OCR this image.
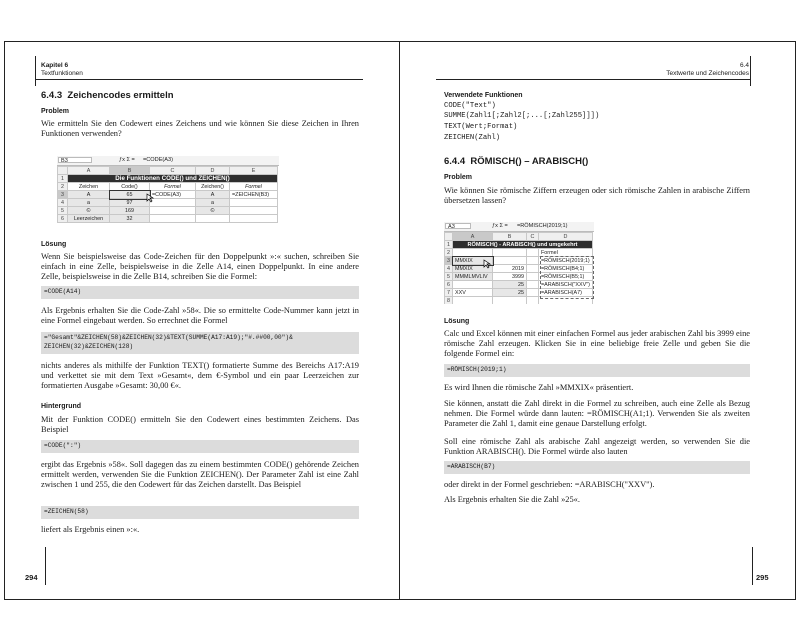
Kapitel 6
Textfunktionen
6.4.3 Zeichencodes ermitteln
Problem
Wie ermitteln Sie den Codewert eines Zeichens und wie können Sie diese Zeichen in Ihren Funktionen verwenden?
B3	ƒx Σ = =CODE(A3)
	A	B	C	D	E
1	Die Funktionen CODE() und ZEICHEN()				
2	Zeichen	Code()	Formel	Zeichen()	Formel
3	A	65	=CODE(A3)	A	=ZEICHEN(B3)
4	a	97		a	
5	©	169		©	
6	Leerzeichen	32			
Lösung
Wenn Sie beispielsweise das Code-Zeichen für den Doppelpunkt »:« suchen, schreiben Sie einfach in eine Zelle, beispielsweise in die Zelle A14, einen Doppelpunkt. In eine andere Zelle, beispielsweise in die Zelle B14, schreiben Sie die Formel:
=CODE(A14)
Als Ergebnis erhalten Sie die Code-Zahl »58«. Die so ermittelte Code-Nummer kann jetzt in eine Formel eingebaut werden. So errechnet die Formel
="Gesamt"&ZEICHEN(58)&ZEICHEN(32)&TEXT(SUMME(A17:A19);"#.##00,00")&
ZEICHEN(32)&ZEICHEN(128)
nichts anderes als mithilfe der Funktion TEXT() formatierte Summe des Bereichs A17:A19 und verkettet sie mit dem Text »Gesamt«, dem €-Symbol und ein paar Leerzeichen zur formatierten Ausgabe »Gesamt: 30,00 €«.
Hintergrund
Mit der Funktion CODE() ermitteln Sie den Codewert eines bestimmten Zeichens. Das Beispiel
=CODE(":")
ergibt das Ergebnis »58«. Soll dagegen das zu einem bestimmten CODE() gehörende Zeichen ermittelt werden, verwenden Sie die Funktion ZEICHEN(). Der Parameter Zahl ist eine Zahl zwischen 1 und 255, die den Codewert für das Zeichen darstellt. Das Beispiel
=ZEICHEN(58)
liefert als Ergebnis einen »:«.
294
6.4
Textwerte und Zeichencodes
Verwendete Funktionen
CODE("Text")
SUMME(Zahl1[;Zahl2[;...[;Zahl255]]])
TEXT(Wert;Format)
ZEICHEN(Zahl)
6.4.4 RÖMISCH() – ARABISCH()
Problem
Wie können Sie römische Ziffern erzeugen oder sich römische Zahlen in arabische Ziffern übersetzen lassen?
A3	ƒx Σ = =RÖMISCH(2019;1)
	A	B	C	D
1	RÖMISCH() - ARABISCH() und umgekehrt			
2				Formel
3	MMXIX			=RÖMISCH(2019;1)
4	MMXIX	2019		=RÖMISCH(B4;1)
5	MMMLMVLIV	3999		=RÖMISCH(B5;1)
6		25		=ARABISCH("XXV")
7	XXV	25		=ARABISCH(A7)
8				
Lösung
Calc und Excel können mit einer einfachen Formel aus jeder arabischen Zahl bis 3999 eine römische Zahl erzeugen. Klicken Sie in eine beliebige freie Zelle und geben Sie die folgende Formel ein:
=RÖMISCH(2019;1)
Es wird Ihnen die römische Zahl »MMXIX« präsentiert.
Sie können, anstatt die Zahl direkt in die Formel zu schreiben, auch eine Zelle als Bezug nehmen. Die Formel würde dann lauten: =RÖMISCH(A1;1). Verwenden Sie als zweiten Parameter die Zahl 1, damit eine genaue Darstellung erfolgt.
Soll eine römische Zahl als arabische Zahl angezeigt werden, so verwenden Sie die Funktion ARABISCH(). Die Formel würde also lauten
=ARABISCH(B7)
oder direkt in der Formel geschrieben: =ARABISCH("XXV").
Als Ergebnis erhalten Sie die Zahl »25«.
295
